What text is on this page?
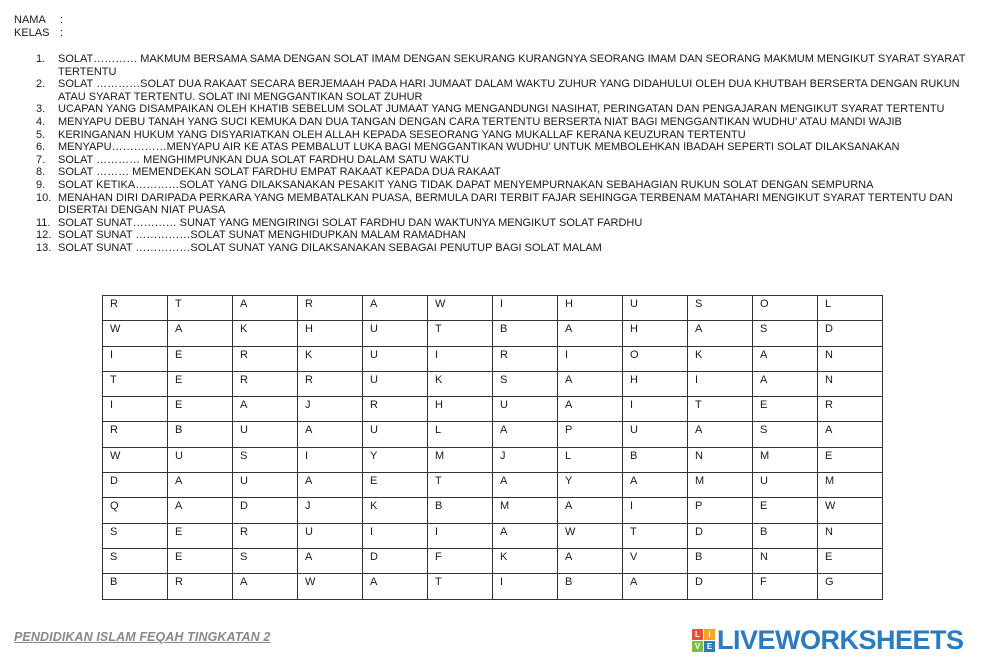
NAMA	:
KELAS :
1.	SOLAT………… MAKMUM BERSAMA SAMA DENGAN SOLAT IMAM DENGAN SEKURANG KURANGNYA SEORANG IMAM DAN SEORANG MAKMUM MENGIKUT SYARAT SYARAT TERTENTU
2.	SOLAT …………SOLAT DUA RAKAAT SECARA BERJEMAAH PADA HARI JUMAAT DALAM WAKTU ZUHUR YANG DIDAHULUI OLEH DUA KHUTBAH BERSERTA DENGAN RUKUN ATAU SYARAT TERTENTU. SOLAT INI MENGGANTIKAN SOLAT ZUHUR
3.	UCAPAN YANG DISAMPAIKAN OLEH KHATIB SEBELUM SOLAT JUMAAT YANG MENGANDUNGI NASIHAT, PERINGATAN DAN PENGAJARAN MENGIKUT SYARAT TERTENTU
4.	MENYAPU DEBU TANAH YANG SUCI KEMUKA DAN DUA TANGAN DENGAN CARA TERTENTU BERSERTA NIAT BAGI MENGGANTIKAN WUDHU’ ATAU MANDI WAJIB
5.	KERINGANAN HUKUM YANG DISYARIATKAN OLEH ALLAH KEPADA SESEORANG YANG MUKALLAF KERANA KEUZURAN TERTENTU
6.	MENYAPU……………MENYAPU AIR KE ATAS PEMBALUT LUKA BAGI MENGGANTIKAN WUDHU’ UNTUK MEMBOLEHKAN IBADAH SEPERTI SOLAT DILAKSANAKAN
7.	SOLAT ………… MENGHIMPUNKAN DUA SOLAT FARDHU DALAM SATU WAKTU
8.	SOLAT ……… MEMENDEKAN SOLAT FARDHU EMPAT RAKAAT KEPADA DUA RAKAAT
9.	SOLAT KETIKA…………SOLAT YANG DILAKSANAKAN PESAKIT YANG TIDAK DAPAT MENYEMPURNAKAN SEBAHAGIAN RUKUN SOLAT DENGAN SEMPURNA
10. MENAHAN DIRI DARIPADA PERKARA YANG MEMBATALKAN PUASA, BERMULA DARI TERBIT FAJAR SEHINGGA TERBENAM MATAHARI MENGIKUT SYARAT TERTENTU DAN DISERTAI DENGAN NIAT PUASA
11. SOLAT SUNAT………… SUNAT YANG MENGIRINGI SOLAT FARDHU DAN WAKTUNYA MENGIKUT SOLAT FARDHU
12. SOLAT SUNAT ……………SOLAT SUNAT MENGHIDUPKAN MALAM RAMADHAN
13. SOLAT SUNAT ……………SOLAT SUNAT YANG DILAKSANAKAN SEBAGAI PENUTUP BAGI SOLAT MALAM
R	T	A	R	A	W	I	H	U	S	O	L
W	A	K	H	U	T	B	A	H	A	S	D
I	E	R	K	U	I	R	I	O	K	A	N
T	E	R	R	U	K	S	A	H	I	A	N
I	E	A	J	R	H	U	A	I	T	E	R
R	B	U	A	U	L	A	P	U	A	S	A
W	U	S	I	Y	M	J	L	B	N	M	E
D	A	U	A	E	T	A	Y	A	M	U	M
Q	A	D	J	K	B	M	A	I	P	E	W
S	E	R	U	I	I	A	W	T	D	B	N
S	E	S	A	D	F	K	A	V	B	N	E
B	R	A	W	A	T	I	B	A	D	F	G
PENDIDIKAN ISLAM FEQAH TINGKATAN 2	L	I
V E LIVEWORKSHEETS
